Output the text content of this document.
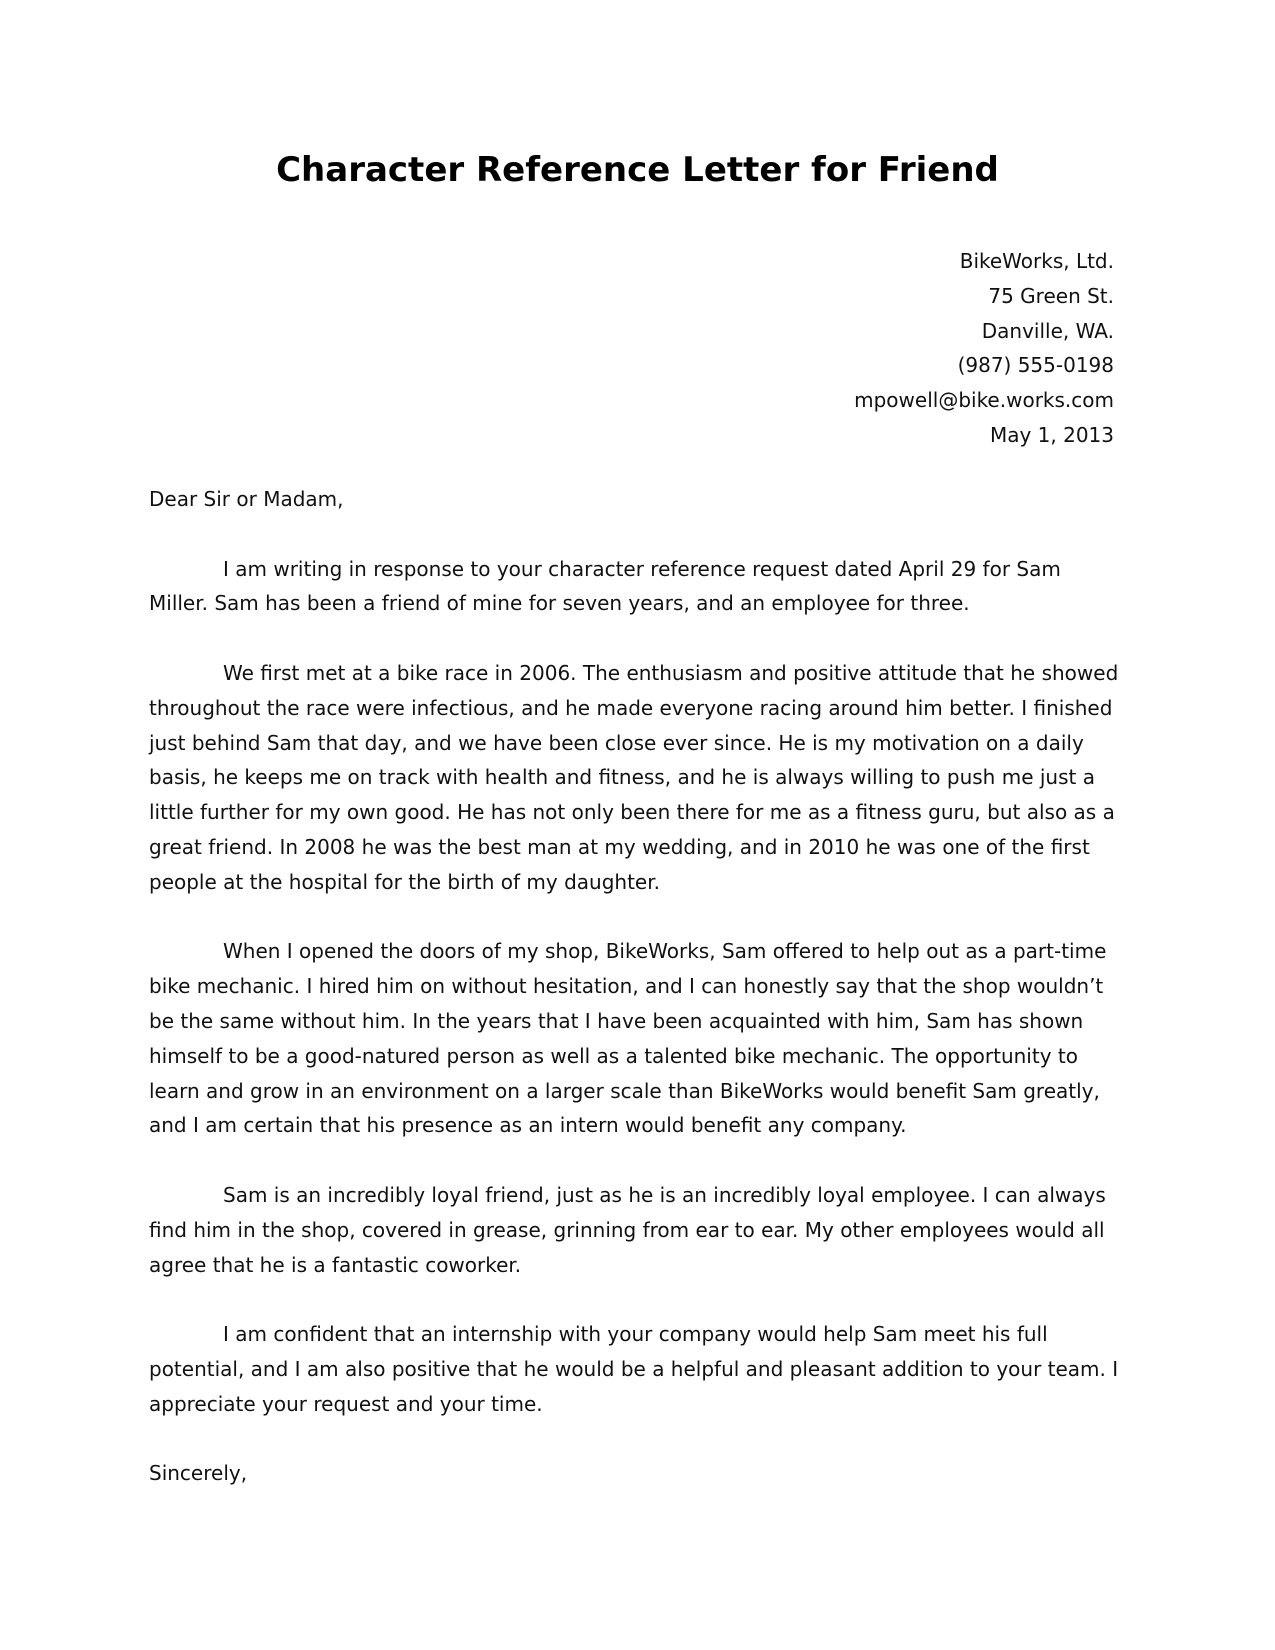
Character Reference Letter for Friend
BikeWorks, Ltd.
75 Green St.
Danville, WA.
(987) 555-0198
mpowell@bike.works.com
May 1, 2013

Dear Sir or Madam,

I am writing in response to your character reference request dated April 29 for Sam Miller. Sam has been a friend of mine for seven years, and an employee for three.

We first met at a bike race in 2006. The enthusiasm and positive attitude that he showed throughout the race were infectious, and he made everyone racing around him better. I finished just behind Sam that day, and we have been close ever since. He is my motivation on a daily basis, he keeps me on track with health and fitness, and he is always willing to push me just a little further for my own good. He has not only been there for me as a fitness guru, but also as a great friend. In 2008 he was the best man at my wedding, and in 2010 he was one of the first people at the hospital for the birth of my daughter.

When I opened the doors of my shop, BikeWorks, Sam offered to help out as a part-time bike mechanic. I hired him on without hesitation, and I can honestly say that the shop wouldn’t be the same without him. In the years that I have been acquainted with him, Sam has shown himself to be a good-natured person as well as a talented bike mechanic. The opportunity to learn and grow in an environment on a larger scale than BikeWorks would benefit Sam greatly, and I am certain that his presence as an intern would benefit any company.

Sam is an incredibly loyal friend, just as he is an incredibly loyal employee. I can always find him in the shop, covered in grease, grinning from ear to ear. My other employees would all agree that he is a fantastic coworker.

I am confident that an internship with your company would help Sam meet his full potential, and I am also positive that he would be a helpful and pleasant addition to your team. I appreciate your request and your time.

Sincerely,
